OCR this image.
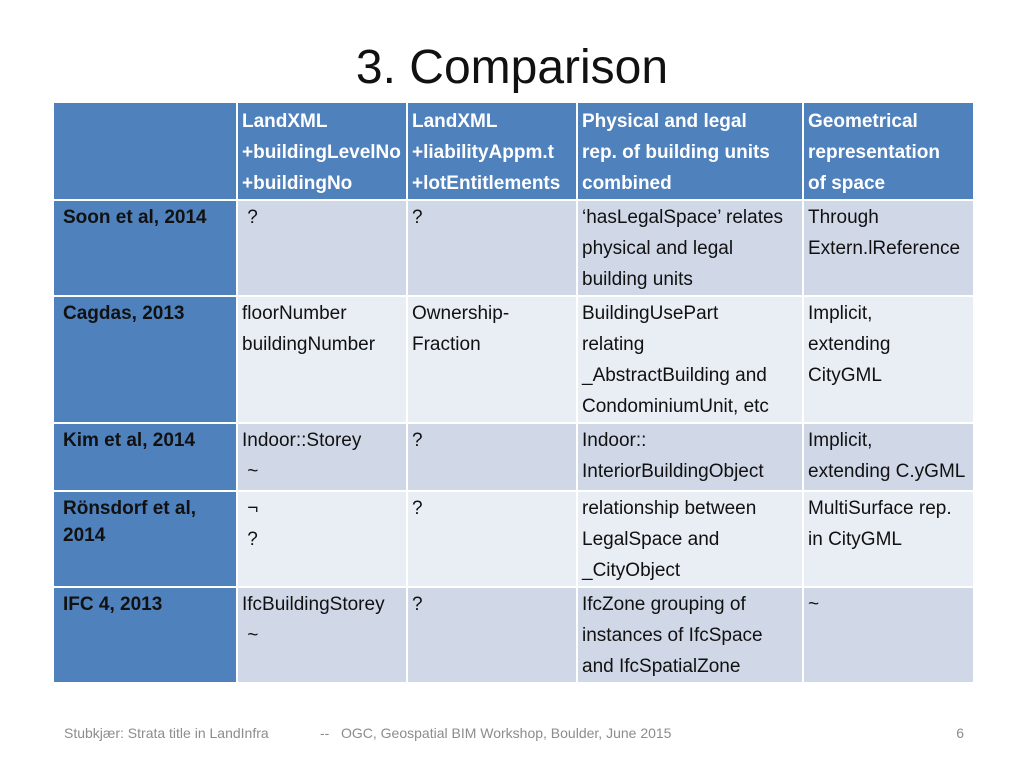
3. Comparison

	LandXML
+buildingLevelNo
+buildingNo	LandXML
+liabilityAppm.t
+lotEntitlements	Physical and legal
rep. of building units
combined	Geometrical
representation
of space

Soon et al, 2014	?	?	‘hasLegalSpace’ relates
physical and legal
building units	Through
Extern.lReference

Cagdas, 2013	floorNumber
buildingNumber	Ownership-
Fraction	BuildingUsePart
relating
_AbstractBuilding and
CondominiumUnit, etc	Implicit,
extending
CityGML

Kim et al, 2014	Indoor::Storey
~	?	Indoor::
InteriorBuildingObject	Implicit,
extending C.yGML

Rönsdorf et al,
2014	¬
?	?	relationship between
LegalSpace and
_CityObject	MultiSurface rep.
in CityGML

IFC 4, 2013	IfcBuildingStorey
~	?	IfcZone grouping of
instances of IfcSpace
and IfcSpatialZone	~
Stubkjær: Strata title in LandInfra	--   OGC, Geospatial BIM Workshop, Boulder, June 2015	6
